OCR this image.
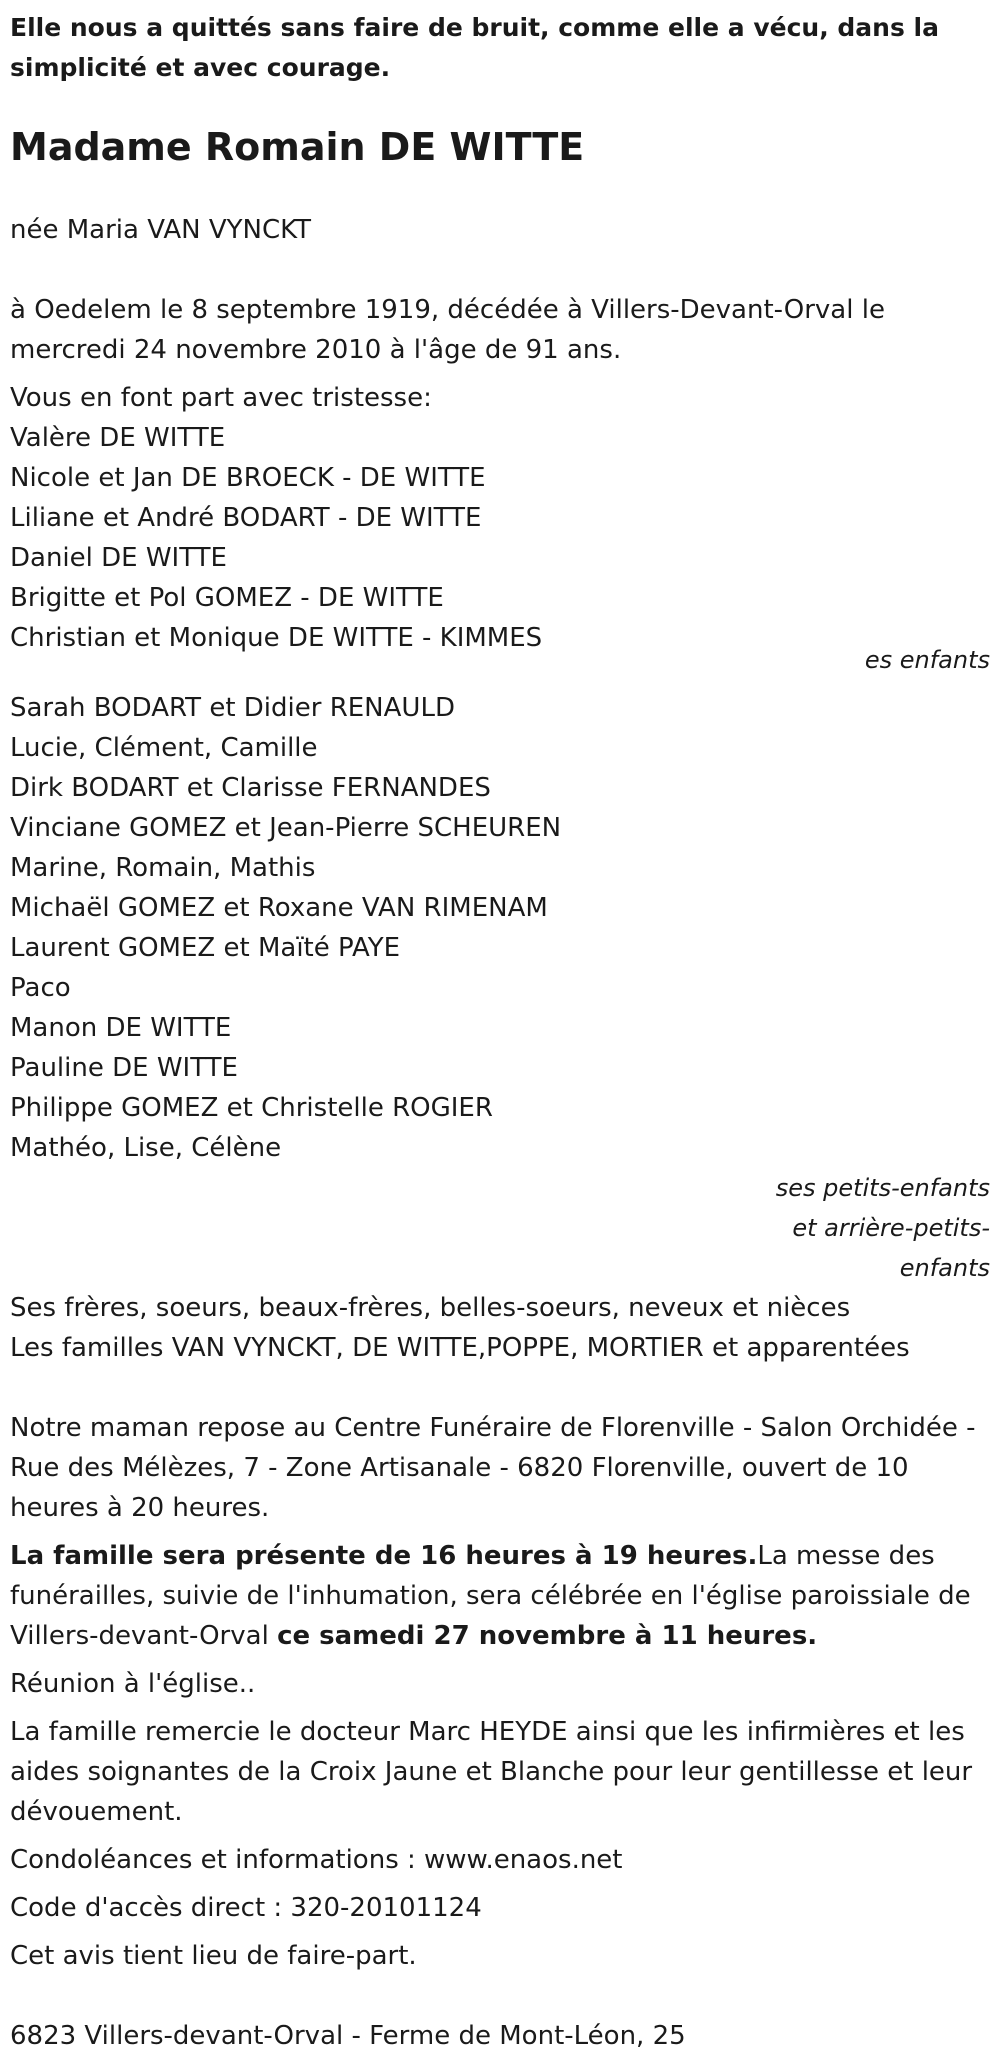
Elle nous a quittés sans faire de bruit, comme elle a vécu, dans la simplicité et avec courage.

Madame Romain DE WITTE

née Maria VAN VYNCKT

à Oedelem le 8 septembre 1919, décédée à Villers-Devant-Orval le mercredi 24 novembre 2010 à l'âge de 91 ans.

Vous en font part avec tristesse:

Valère DE WITTE

Nicole et Jan DE BROECK - DE WITTE

Liliane et André BODART - DE WITTE

Daniel DE WITTE

Brigitte et Pol GOMEZ - DE WITTE

Christian et Monique DE WITTE - KIMMES

es enfants

Sarah BODART et Didier RENAULD

Lucie, Clément, Camille

Dirk BODART et Clarisse FERNANDES

Vinciane GOMEZ et Jean-Pierre SCHEUREN

Marine, Romain, Mathis

Michaël GOMEZ et Roxane VAN RIMENAM

Laurent GOMEZ et Maïté PAYE

Paco

Manon DE WITTE

Pauline DE WITTE

Philippe GOMEZ et Christelle ROGIER

Mathéo, Lise, Célène

ses petits-enfants

et arrière-petits-

enfants

Ses frères, soeurs, beaux-frères, belles-soeurs, neveux et nièces

Les familles VAN VYNCKT, DE WITTE,POPPE, MORTIER et apparentées

Notre maman repose au Centre Funéraire de Florenville - Salon Orchidée - Rue des Mélèzes, 7 - Zone Artisanale - 6820 Florenville, ouvert de 10 heures à 20 heures.

La famille sera présente de 16 heures à 19 heures.La messe des funérailles, suivie de l'inhumation, sera célébrée en l'église paroissiale de Villers-devant-Orval ce samedi 27 novembre à 11 heures.

Réunion à l'église..

La famille remercie le docteur Marc HEYDE ainsi que les infirmières et les aides soignantes de la Croix Jaune et Blanche pour leur gentillesse et leur dévouement.

Condoléances et informations : www.enaos.net

Code d'accès direct : 320-20101124

Cet avis tient lieu de faire-part.

6823 Villers-devant-Orval - Ferme de Mont-Léon, 25
